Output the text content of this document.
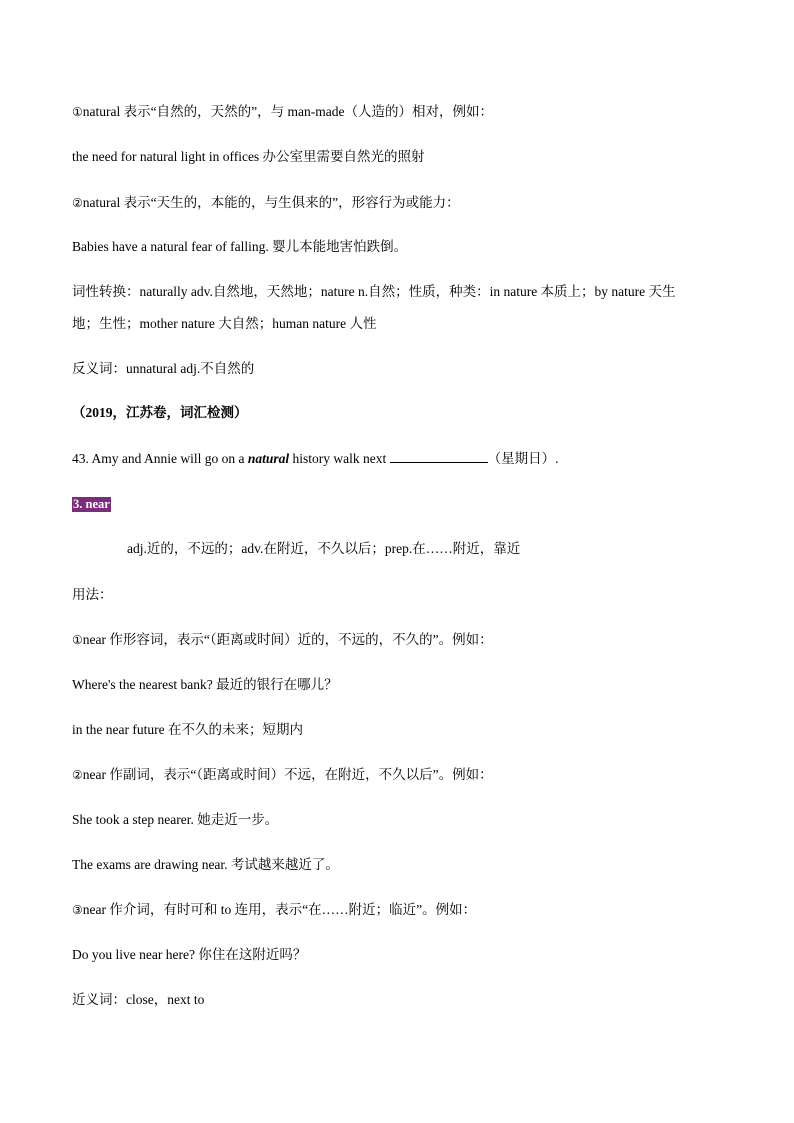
①natural 表示“自然的，天然的”，与 man-made（人造的）相对，例如：
the need for natural light in offices 办公室里需要自然光的照射
②natural 表示“天生的，本能的，与生俱来的”，形容行为或能力：
Babies have a natural fear of falling. 婴儿本能地害怕跌倒。
词性转换：naturally adv.自然地，天然地；nature n.自然；性质，种类：in nature 本质上；by nature 天生
地；生性；mother nature 大自然；human nature 人性
反义词：unnatural adj.不自然的
（2019，江苏卷，词汇检测）
43. Amy and Annie will go on a natural history walk next	（星期日）.
3. near
adj.近的，不远的；adv.在附近，不久以后；prep.在……附近，靠近
用法：
①near 作形容词，表示“（距离或时间）近的，不远的，不久的”。例如：
Where's the nearest bank? 最近的银行在哪儿？
in the near future 在不久的未来；短期内
②near 作副词，表示“（距离或时间）不远，在附近，不久以后”。例如：
She took a step nearer. 她走近一步。
The exams are drawing near. 考试越来越近了。
③near 作介词，有时可和 to 连用，表示“在……附近；临近”。例如：
Do you live near here? 你住在这附近吗？
近义词：close，next to
